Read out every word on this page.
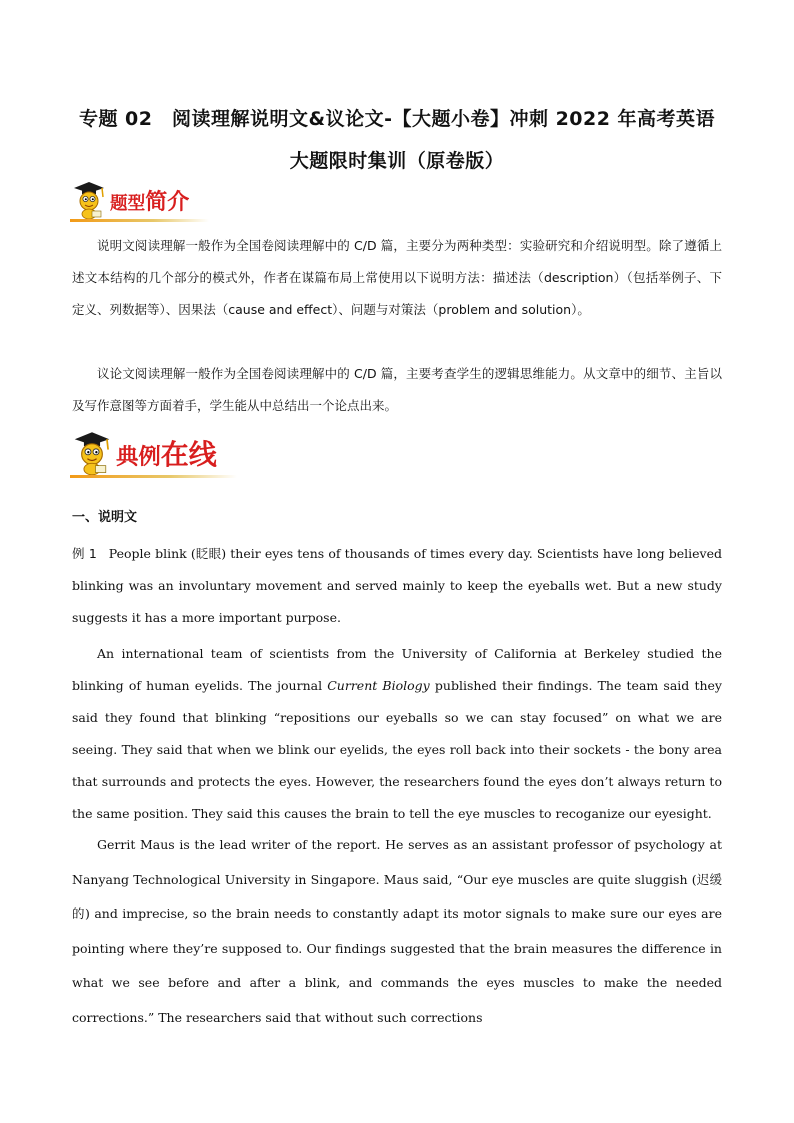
专题 02　阅读理解说明文&议论文-【大题小卷】冲刺 2022 年高考英语
大题限时集训（原卷版）
题型简介
说明文阅读理解一般作为全国卷阅读理解中的 C/D 篇，主要分为两种类型：实验研究和介绍说明型。除了遵循上述文本结构的几个部分的模式外，作者在谋篇布局上常使用以下说明方法：描述法（description）（包括举例子、下定义、列数据等）、因果法（cause and effect）、问题与对策法（problem and solution）。
议论文阅读理解一般作为全国卷阅读理解中的 C/D 篇，主要考查学生的逻辑思维能力。从文章中的细节、主旨以及写作意图等方面着手，学生能从中总结出一个论点出来。
典例在线
一、说明文
例 1 People blink (眨眼) their eyes tens of thousands of times every day. Scientists have long believed blinking was an involuntary movement and served mainly to keep the eyeballs wet. But a new study suggests it has a more important purpose.
An international team of scientists from the University of California at Berkeley studied the blinking of human eyelids. The journal Current Biology published their findings. The team said they said they found that blinking “repositions our eyeballs so we can stay focused” on what we are seeing. They said that when we blink our eyelids, the eyes roll back into their sockets - the bony area that surrounds and protects the eyes. However, the researchers found the eyes don’t always return to the same position. They said this causes the brain to tell the eye muscles to recoganize our eyesight.
Gerrit Maus is the lead writer of the report. He serves as an assistant professor of psychology at Nanyang Technological University in Singapore. Maus said, “Our eye muscles are quite sluggish (迟缓的) and imprecise, so the brain needs to constantly adapt its motor signals to make sure our eyes are pointing where they’re supposed to. Our findings suggested that the brain measures the difference in what we see before and after a blink, and commands the eyes muscles to make the needed corrections.” The researchers said that without such corrections
